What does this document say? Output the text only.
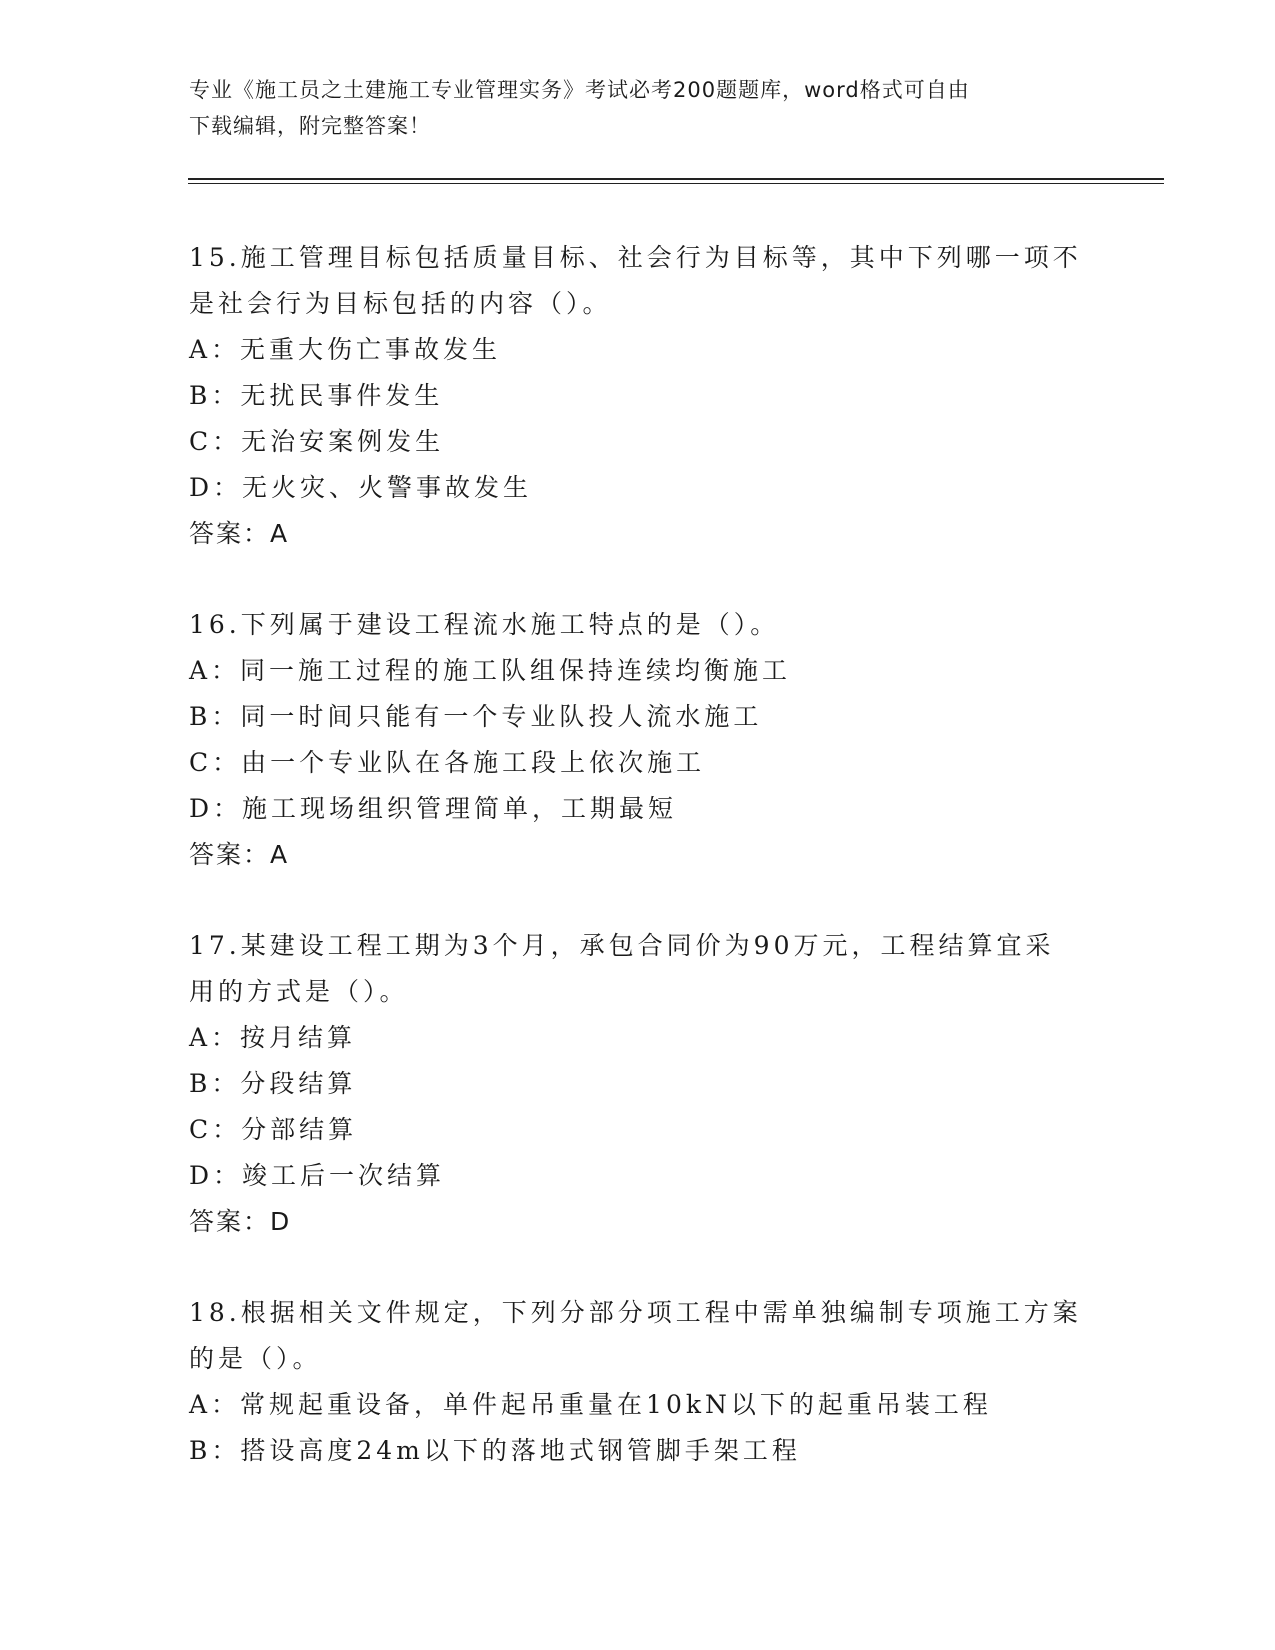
专业《施工员之土建施工专业管理实务》考试必考200题题库，word格式可自由
下载编辑，附完整答案！
15.施工管理目标包括质量目标、社会行为目标等，其中下列哪一项不
是社会行为目标包括的内容（）。
A：无重大伤亡事故发生
B：无扰民事件发生
C：无治安案例发生
D：无火灾、火警事故发生
答案：A
16.下列属于建设工程流水施工特点的是（）。
A：同一施工过程的施工队组保持连续均衡施工
B：同一时间只能有一个专业队投人流水施工
C：由一个专业队在各施工段上依次施工
D：施工现场组织管理简单，工期最短
答案：A
17.某建设工程工期为3个月，承包合同价为90万元，工程结算宜采
用的方式是（）。
A：按月结算
B：分段结算
C：分部结算
D：竣工后一次结算
答案：D
18.根据相关文件规定，下列分部分项工程中需单独编制专项施工方案
的是（）。
A：常规起重设备，单件起吊重量在10kN以下的起重吊装工程
B：搭设高度24m以下的落地式钢管脚手架工程
